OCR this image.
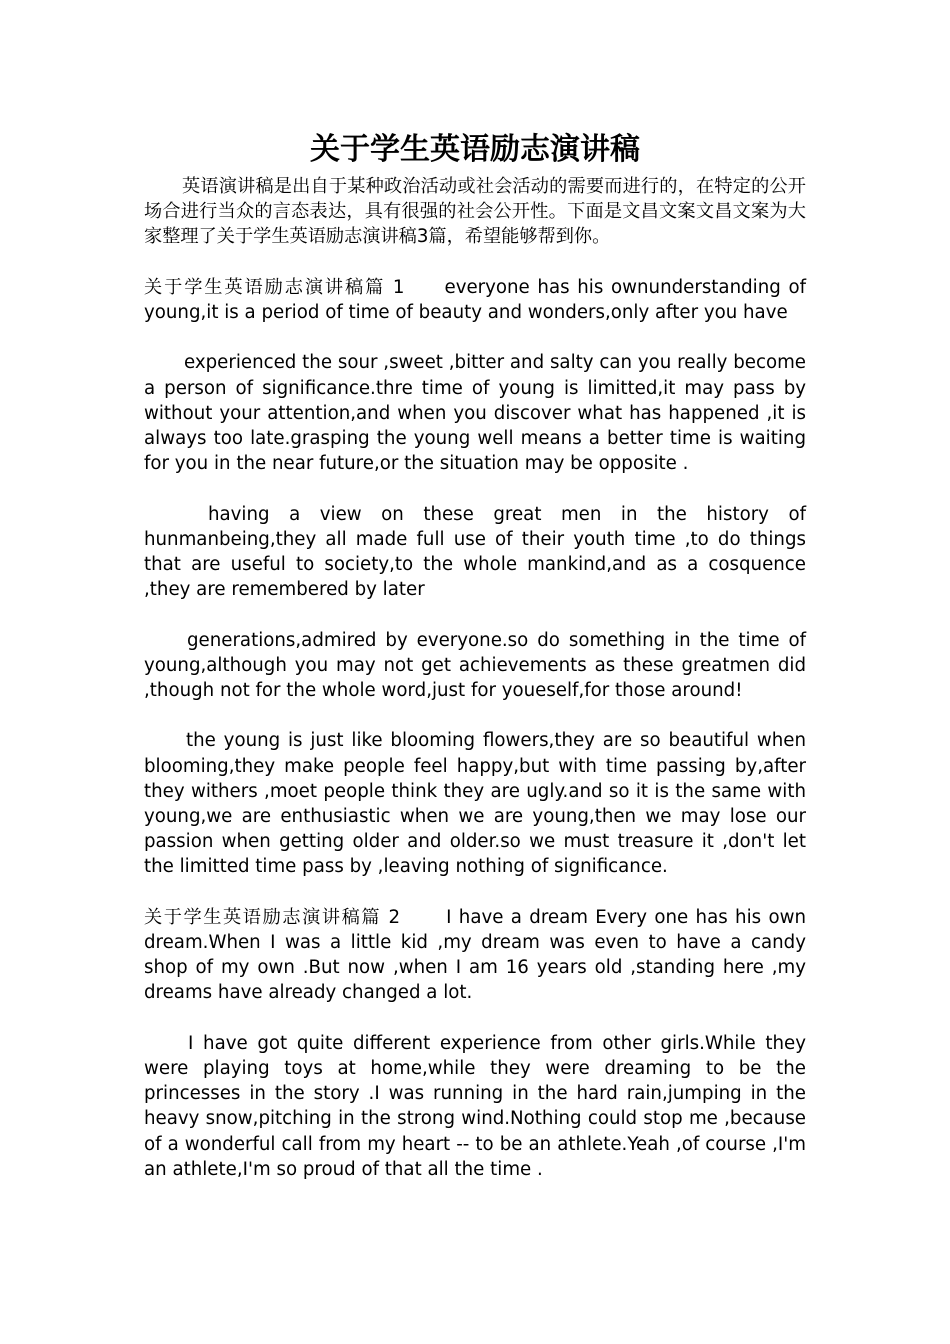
关于学生英语励志演讲稿

英语演讲稿是出自于某种政治活动或社会活动的需要而进行的，在特定的公开场合进行当众的言态表达，具有很强的社会公开性。下面是文昌文案文昌文案为大家整理了关于学生英语励志演讲稿3篇，希望能够帮到你。

关于学生英语励志演讲稿篇 1 everyone has his ownunderstanding of young,it is a period of time of beauty and wonders,only after you have

experienced the sour ,sweet ,bitter and salty can you really become a person of significance.thre time of young is limitted,it may pass by without your attention,and when you discover what has happened ,it is always too late.grasping the young well means a better time is waiting for you in the near future,or the situation may be opposite .

having a view on these great men in the history of hunmanbeing,they all made full use of their youth time ,to do things that are useful to society,to the whole mankind,and as a cosquence ,they are remembered by later

generations,admired by everyone.so do something in the time of young,although you may not get achievements as these greatmen did ,though not for the whole word,just for youeself,for those around!

the young is just like blooming flowers,they are so beautiful when blooming,they make people feel happy,but with time passing by,after they withers ,moet people think they are ugly.and so it is the same with young,we are enthusiastic when we are young,then we may lose our passion when getting older and older.so we must treasure it ,don't let the limitted time pass by ,leaving nothing of significance.

关于学生英语励志演讲稿篇 2	I have a dream Every one has his own dream.When I was a little kid ,my dream was even to have a candy shop of my own .But now ,when I am 16 years old ,standing here ,my dreams have already changed a lot.

I have got quite different experience from other girls.While they were playing toys at home,while they were dreaming to be the princesses in the story .I was running in the hard rain,jumping in the heavy snow,pitching in the strong wind.Nothing could stop me ,because of a wonderful call from my heart -- to be an athlete.Yeah ,of course ,I'm an athlete,I'm so proud of that all the time .
